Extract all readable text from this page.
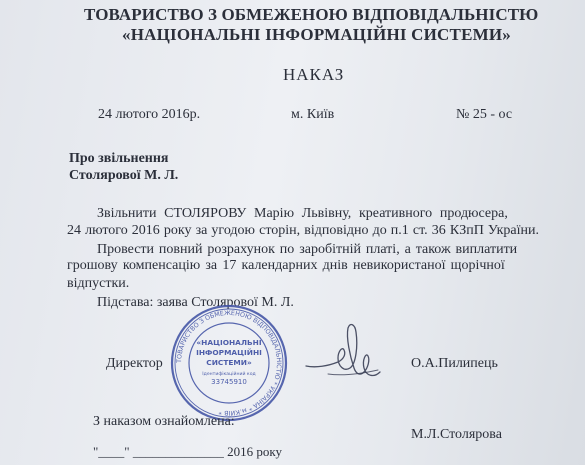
ТОВАРИСТВО З ОБМЕЖЕНОЮ ВІДПОВІДАЛЬНІСТЮ
«НАЦІОНАЛЬНІ ІНФОРМАЦІЙНІ СИСТЕМИ»
НАКАЗ
24 лютого 2016р.	м. Київ	№ 25 - ос
Про звільнення
Столярової М. Л.
Звільнити СТОЛЯРОВУ Марію Львівну, креативного продюсера,
24 лютого 2016 року за угодою сторін, відповідно до п.1 ст. 36 КЗпП України.
Провести повний розрахунок по заробітній платі, а також виплатити
грошову компенсацію за 17 календарних днів невикористаної щорічної
відпустки.
Підстава: заява Столярової М. Л.
ТОВАРИСТВО З ОБМЕЖЕНОЮ ВІДПОВІДАЛЬНІСТЮ * УКРАЇНА * м.КИЇВ *
«НАЦІОНАЛЬНІ
ІНФОРМАЦІЙНІ
СИСТЕМИ»
Ідентифікаційний код
33745910
Директор	О.А.Пилипець
З наказом ознайомлена:
М.Л.Столярова
"____" ______________ 2016 року
